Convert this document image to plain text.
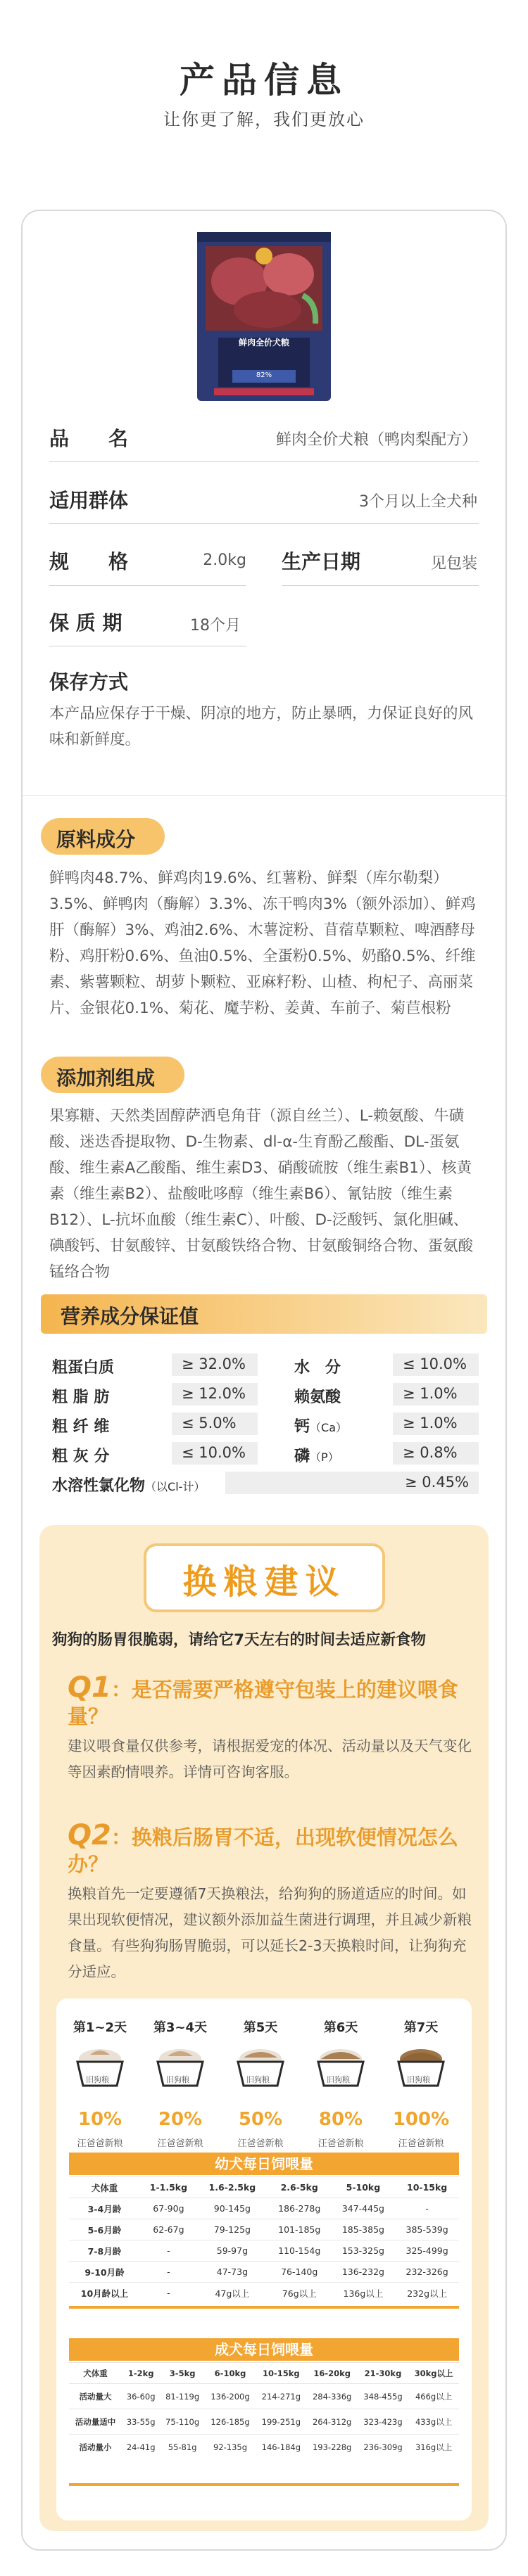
产品信息
让你更了解，我们更放心
鲜肉全价犬粮
82%
品　　名	鲜肉全价犬粮（鸭肉梨配方）
适用群体	3个月以上全犬种
规　　格	2.0kg 生产日期	见包装
保 质 期	18个月
保存方式
本产品应保存于干燥、阴凉的地方，防止暴晒，力保证良好的风味和新鲜度。
原料成分
鲜鸭肉48.7%、鲜鸡肉19.6%、红薯粉、鲜梨（库尔勒梨）3.5%、鲜鸭肉（酶解）3.3%、冻干鸭肉3%（额外添加）、鲜鸡肝（酶解）3%、鸡油2.6%、木薯淀粉、苜蓿草颗粒、啤酒酵母粉、鸡肝粉0.6%、鱼油0.5%、全蛋粉0.5%、奶酪0.5%、纤维素、紫薯颗粒、胡萝卜颗粒、亚麻籽粉、山楂、枸杞子、高丽菜片、金银花0.1%、菊花、魔芋粉、姜黄、车前子、菊苣根粉
添加剂组成
果寡糖、天然类固醇萨洒皂角苷（源自丝兰）、L-赖氨酸、牛磺酸、迷迭香提取物、D-生物素、dl-α-生育酚乙酸酯、DL-蛋氨酸、维生素A乙酸酯、维生素D3、硝酸硫胺（维生素B1）、核黄素（维生素B2）、盐酸吡哆醇（维生素B6）、氰钴胺（维生素B12）、L-抗坏血酸（维生素C）、叶酸、D-泛酸钙、氯化胆碱、碘酸钙、甘氨酸锌、甘氨酸铁络合物、甘氨酸铜络合物、蛋氨酸锰络合物
营养成分保证值
粗蛋白质	≥ 32.0%
粗 脂 肪	≥ 12.0%
粗 纤 维	≤ 5.0%
粗 灰 分	≤ 10.0%
水　分	≤ 10.0%
赖氨酸	≥ 1.0%
钙（Ca）	≥ 1.0%
磷（P）	≥ 0.8%
水溶性氯化物（以Cl-计）	≥ 0.45%
换粮建议
狗狗的肠胃很脆弱，请给它7天左右的时间去适应新食物
Q1：是否需要严格遵守包装上的建议喂食量？
建议喂食量仅供参考，请根据爱宠的体况、活动量以及天气变化等因素酌情喂养。详情可咨询客服。
Q2：换粮后肠胃不适，出现软便情况怎么办？
换粮首先一定要遵循7天换粮法，给狗狗的肠道适应的时间。如果出现软便情况，建议额外添加益生菌进行调理，并且减少新粮食量。有些狗狗肠胃脆弱，可以延长2-3天换粮时间，让狗狗充分适应。
第1~2天	第3~4天	第5天	第6天	第7天
旧狗粮	旧狗粮	旧狗粮	旧狗粮	旧狗粮
10%	20%	50%	80%	100%
汪爸爸新粮	汪爸爸新粮	汪爸爸新粮	汪爸爸新粮	汪爸爸新粮
幼犬每日饲喂量
犬体重	1-1.5kg	1.6-2.5kg	2.6-5kg	5-10kg	10-15kg
3-4月龄	67-90g	90-145g	186-278g	347-445g	-
5-6月龄	62-67g	79-125g	101-185g	185-385g	385-539g
7-8月龄	-	59-97g	110-154g	153-325g	325-499g
9-10月龄	-	47-73g	76-140g	136-232g	232-326g
10月龄以上	-	47g以上	76g以上	136g以上	232g以上
成犬每日饲喂量
犬体重	1-2kg	3-5kg	6-10kg	10-15kg	16-20kg	21-30kg	30kg以上
活动量大	36-60g	81-119g	136-200g	214-271g	284-336g	348-455g	466g以上
活动量适中	33-55g	75-110g	126-185g	199-251g	264-312g	323-423g	433g以上
活动量小	24-41g	55-81g	92-135g	146-184g	193-228g	236-309g	316g以上
